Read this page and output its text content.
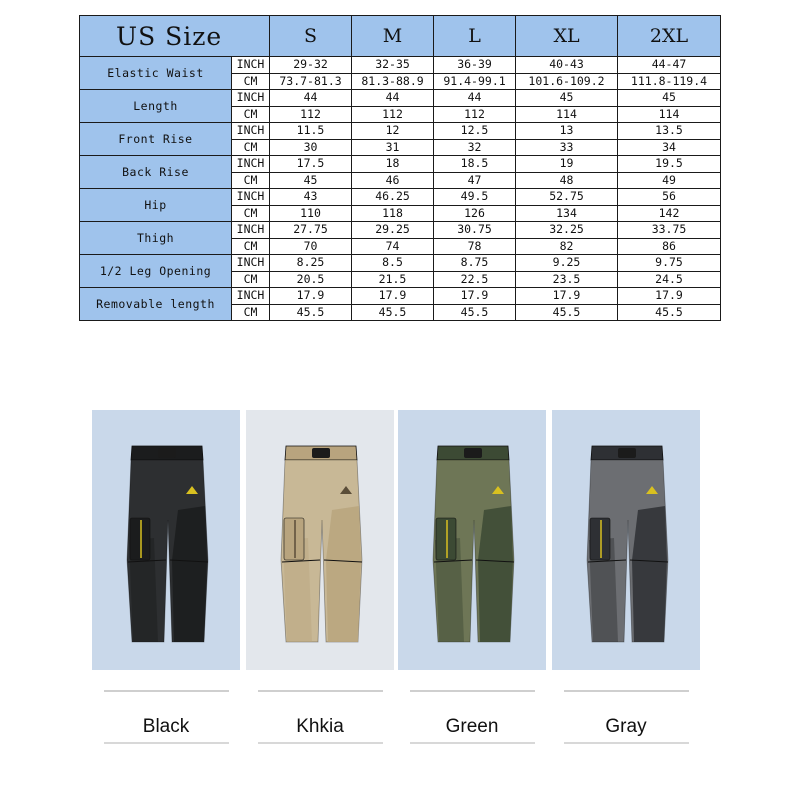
US Size		S	M	L	XL	2XL
Elastic Waist	INCH	29-32	32-35	36-39	40-43	44-47
	CM	73.7-81.3	81.3-88.9	91.4-99.1	101.6-109.2	111.8-119.4
Length	INCH	44	44	44	45	45
	CM	112	112	112	114	114
Front Rise	INCH	11.5	12	12.5	13	13.5
	CM	30	31	32	33	34
Back Rise	INCH	17.5	18	18.5	19	19.5
	CM	45	46	47	48	49
Hip	INCH	43	46.25	49.5	52.75	56
	CM	110	118	126	134	142
Thigh	INCH	27.75	29.25	30.75	32.25	33.75
	CM	70	74	78	82	86
1/2 Leg Opening	INCH	8.25	8.5	8.75	9.25	9.75
	CM	20.5	21.5	22.5	23.5	24.5
Removable length	INCH	17.9	17.9	17.9	17.9	17.9
	CM	45.5	45.5	45.5	45.5	45.5
Black	Khkia	Green	Gray
